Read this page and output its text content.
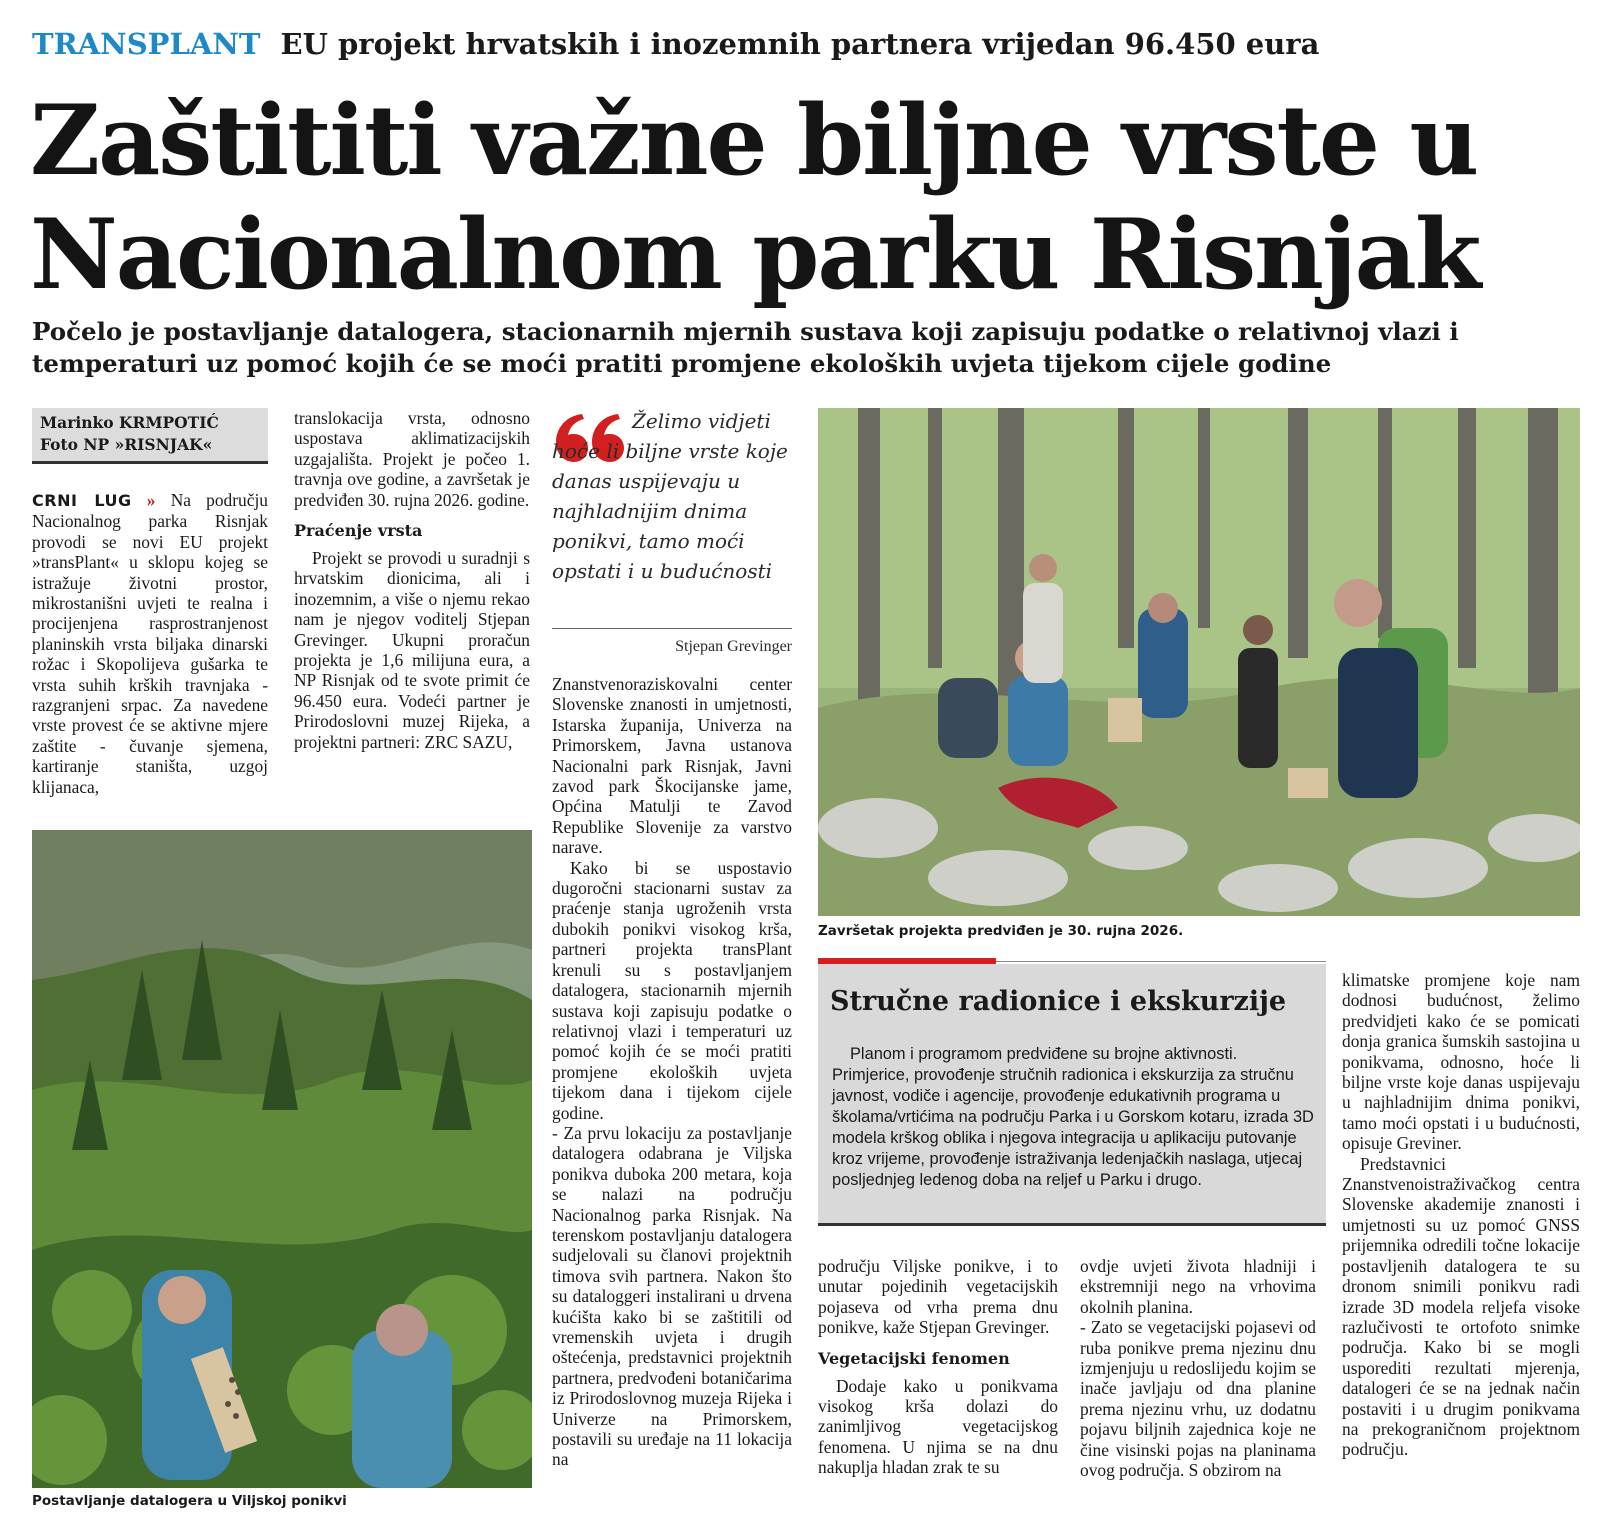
TRANSPLANT EU projekt hrvatskih i inozemnih partnera vrijedan 96.450 eura
Zaštititi važne biljne vrste u
Nacionalnom parku Risnjak
Počelo je postavljanje datalogera, stacionarnih mjernih sustava koji zapisuju podatke o relativnoj vlazi i temperaturi uz pomoć kojih će se moći pratiti promjene ekoloških uvjeta tijekom cijele godine
Marinko KRMPOTIĆ
Foto NP »RISNJAK«

CRNI LUG » Na području Nacionalnog parka Risnjak provodi se novi EU projekt »transPlant« u sklopu kojeg se istražuje životni prostor, mikrostanišni uvjeti te realna i procijenjena rasprostranjenost planinskih vrsta biljaka dinarski rožac i Skopolijeva gušarka te vrsta suhih krških travnjaka - razgranjeni srpac. Za navedene vrste provest će se aktivne mjere zaštite - čuvanje sjemena, kartiranje staništa, uzgoj klijanaca,

translokacija vrsta, odnosno uspostava aklimatizacijskih uzgajališta. Projekt je počeo 1. travnja ove godine, a završetak je predviđen 30. rujna 2026. godine.

Praćenje vrsta

Projekt se provodi u suradnji s hrvatskim dionicima, ali i inozemnim, a više o njemu rekao nam je njegov voditelj Stjepan Grevinger. Ukupni proračun projekta je 1,6 milijuna eura, a NP Risnjak od te svote primit će 96.450 eura. Vodeći partner je Prirodoslovni muzej Rijeka, a projektni partneri: ZRC SAZU,

Želimo vidjeti hoće li biljne vrste koje danas uspijevaju u najhladnijim dnima ponikvi, tamo moći opstati i u budućnosti
Stjepan Grevinger

Znanstvenoraziskovalni center Slovenske znanosti in umjetnosti, Istarska županija, Univerza na Primorskem, Javna ustanova Nacionalni park Risnjak, Javni zavod park Škocijanske jame, Općina Matulji te Zavod Republike Slovenije za varstvo narave.

Kako bi se uspostavio dugoročni stacionarni sustav za praćenje stanja ugroženih vrsta dubokih ponikvi visokog krša, partneri projekta transPlant krenuli su s postavljanjem datalogera, stacionarnih mjernih sustava koji zapisuju podatke o relativnoj vlazi i temperaturi uz pomoć kojih će se moći pratiti promjene ekoloških uvjeta tijekom dana i tijekom cijele godine.

- Za prvu lokaciju za postavljanje datalogera odabrana je Viljska ponikva duboka 200 metara, koja se nalazi na području Nacionalnog parka Risnjak. Na terenskom postavljanju datalogera sudjelovali su članovi projektnih timova svih partnera. Nakon što su dataloggeri instalirani u drvena kućišta kako bi se zaštitili od vremenskih uvjeta i drugih oštećenja, predstavnici projektnih partnera, predvođeni botaničarima iz Prirodoslovnog muzeja Rijeka i Univerze na Primorskem, postavili su uređaje na 11 lokacija na

Postavljanje datalogera u Viljskoj ponikvi
Završetak projekta predviđen je 30. rujna 2026.
Stručne radionice i ekskurzije

Planom i programom predviđene su brojne aktivnosti. Primjerice, provođenje stručnih radionica i ekskurzija za stručnu javnost, vodiče i agencije, provođenje edukativnih programa u školama/vrtićima na području Parka i u Gorskom kotaru, izrada 3D modela krškog oblika i njegova integracija u aplikaciju putovanje kroz vrijeme, provođenje istraživanja ledenjačkih naslaga, utjecaj posljednjeg ledenog doba na reljef u Parku i drugo.

području Viljske ponikve, i to unutar pojedinih vegetacijskih pojaseva od vrha prema dnu ponikve, kaže Stjepan Grevinger.

Vegetacijski fenomen

Dodaje kako u ponikvama visokog krša dolazi do zanimljivog vegetacijskog fenomena. U njima se na dnu nakuplja hladan zrak te su

ovdje uvjeti života hladniji i ekstremniji nego na vrhovima okolnih planina.

- Zato se vegetacijski pojasevi od ruba ponikve prema njezinu dnu izmjenjuju u redoslijedu kojim se inače javljaju od dna planine prema njezinu vrhu, uz dodatnu pojavu biljnih zajednica koje ne čine visinski pojas na planinama ovog područja. S obzirom na

klimatske promjene koje nam dodnosi budućnost, želimo predvidjeti kako će se pomicati donja granica šumskih sastojina u ponikvama, odnosno, hoće li biljne vrste koje danas uspijevaju u najhladnijim dnima ponikvi, tamo moći opstati i u budućnosti, opisuje Greviner.

Predstavnici Znanstvenoistraživačkog centra Slovenske akademije znanosti i umjetnosti su uz pomoć GNSS prijemnika odredili točne lokacije postavljenih datalogera te su dronom snimili ponikvu radi izrade 3D modela reljefa visoke razlučivosti te ortofoto snimke područja. Kako bi se mogli usporediti rezultati mjerenja, datalogeri će se na jednak način postaviti i u drugim ponikvama na prekograničnom projektnom području.
